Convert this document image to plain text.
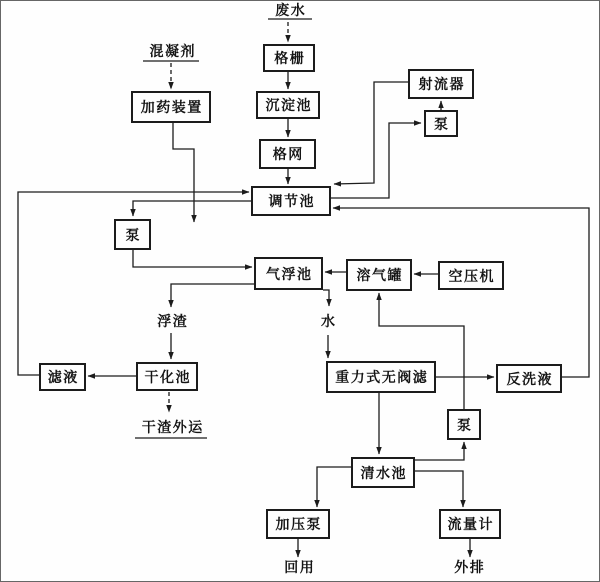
格栅
沉淀池
格网
调节池
加药装置
射流器
泵
泵
气浮池	溶气罐	空压机
滤液	干化池	重力式无阀滤	反洗液
泵
清水池
加压泵	流量计
废水
混凝剂
浮渣	水
干渣外运
回用	外排
